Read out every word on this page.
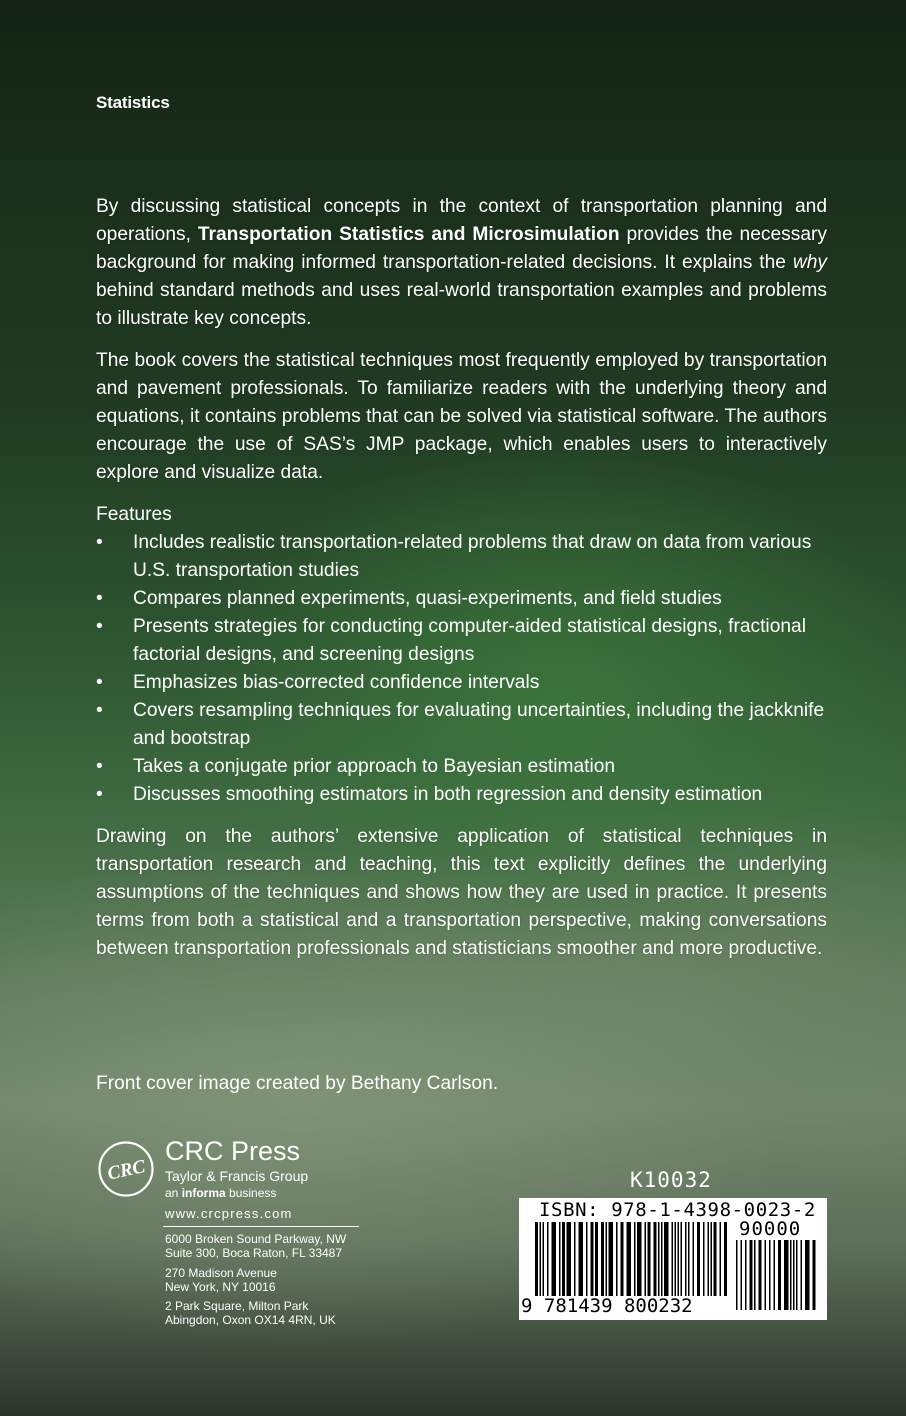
Statistics
By discussing statistical concepts in the context of transportation planning and operations, Transportation Statistics and Microsimulation provides the necessary background for making informed transportation-related decisions. It explains the why behind standard methods and uses real-world transportation examples and problems to illustrate key concepts.
The book covers the statistical techniques most frequently employed by transportation and pavement professionals. To familiarize readers with the underlying theory and equations, it contains problems that can be solved via statistical software. The authors encourage the use of SAS’s JMP package, which enables users to interactively explore and visualize data.
Features
• Includes realistic transportation-related problems that draw on data from various U.S. transportation studies
• Compares planned experiments, quasi-experiments, and field studies
• Presents strategies for conducting computer-aided statistical designs, fractional factorial designs, and screening designs
• Emphasizes bias-corrected confidence intervals
• Covers resampling techniques for evaluating uncertainties, including the jackknife and bootstrap
• Takes a conjugate prior approach to Bayesian estimation
• Discusses smoothing estimators in both regression and density estimation
Drawing on the authors’ extensive application of statistical techniques in transportation research and teaching, this text explicitly defines the underlying assumptions of the techniques and shows how they are used in practice. It presents terms from both a statistical and a transportation perspective, making conversations between transportation professionals and statisticians smoother and more productive.
Front cover image created by Bethany Carlson.
CRC
CRC Press
Taylor & Francis Group
an informa business
www.crcpress.com
6000 Broken Sound Parkway, NW
Suite 300, Boca Raton, FL 33487
270 Madison Avenue
New York, NY 10016
2 Park Square, Milton Park
Abingdon, Oxon OX14 4RN, UK
K10032
ISBN: 978-1-4398-0023-2
90000
9 781439 800232
